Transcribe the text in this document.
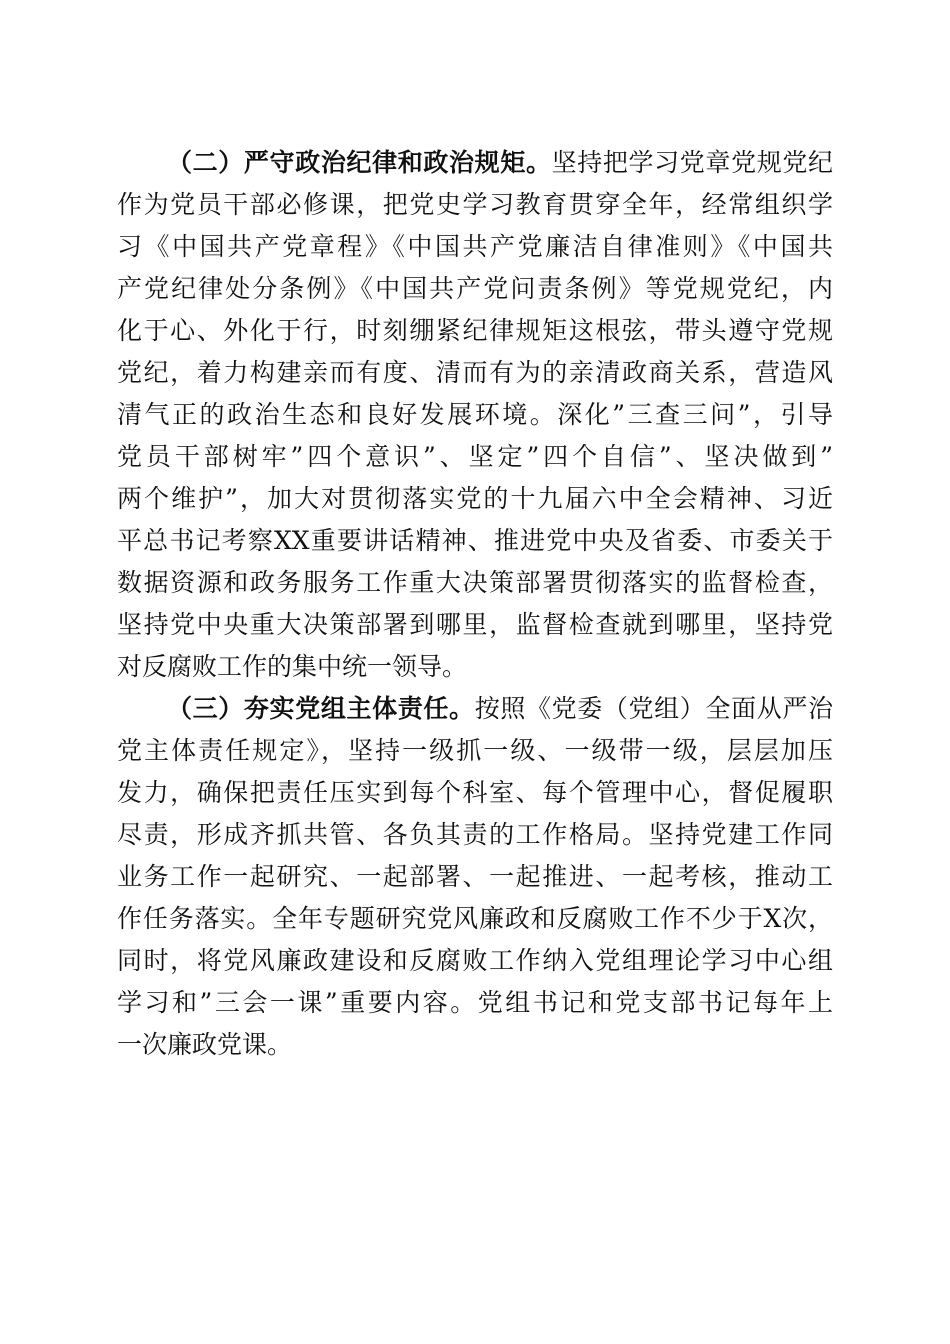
（二）严守政治纪律和政治规矩。坚持把学习党章党规党纪
作为党员干部必修课，把党史学习教育贯穿全年，经常组织学
习《中国共产党章程》《中国共产党廉洁自律准则》《中国共
产党纪律处分条例》《中国共产党问责条例》等党规党纪，内
化于心、外化于行，时刻绷紧纪律规矩这根弦，带头遵守党规
党纪，着力构建亲而有度、清而有为的亲清政商关系，营造风
清气正的政治生态和良好发展环境。深化”三查三问”，引导
党员干部树牢”四个意识”、坚定”四个自信”、坚决做到”
两个维护”，加大对贯彻落实党的十九届六中全会精神、习近
平总书记考察XX重要讲话精神、推进党中央及省委、市委关于
数据资源和政务服务工作重大决策部署贯彻落实的监督检查，
坚持党中央重大决策部署到哪里，监督检查就到哪里，坚持党
对反腐败工作的集中统一领导。
（三）夯实党组主体责任。按照《党委（党组）全面从严治
党主体责任规定》，坚持一级抓一级、一级带一级，层层加压
发力，确保把责任压实到每个科室、每个管理中心，督促履职
尽责，形成齐抓共管、各负其责的工作格局。坚持党建工作同
业务工作一起研究、一起部署、一起推进、一起考核，推动工
作任务落实。全年专题研究党风廉政和反腐败工作不少于X次，
同时，将党风廉政建设和反腐败工作纳入党组理论学习中心组
学习和”三会一课”重要内容。党组书记和党支部书记每年上
一次廉政党课。
